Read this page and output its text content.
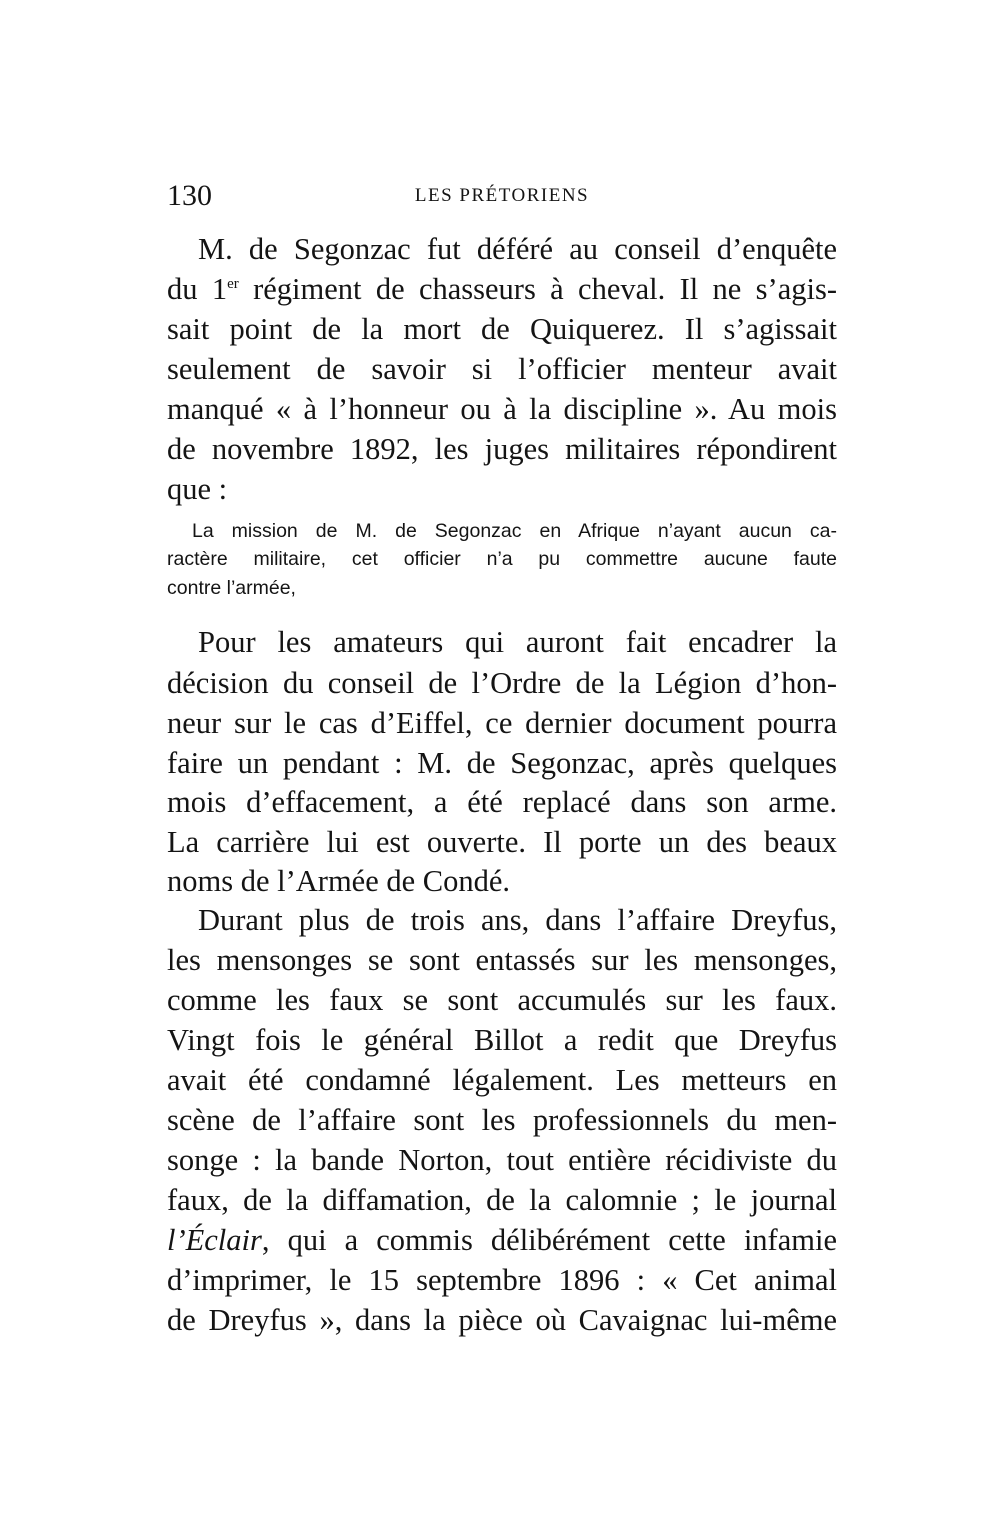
130	LES PRÉTORIENS
M. de Segonzac fut déféré au conseil d’enquête
du 1er régiment de chasseurs à cheval. Il ne s’agis-
sait point de la mort de Quiquerez. Il s’agissait
seulement de savoir si l’officier menteur avait
manqué « à l’honneur ou à la discipline ». Au mois
de novembre 1892, les juges militaires répondirent
que :
La mission de M. de Segonzac en Afrique n’ayant aucun ca-
ractère militaire, cet officier n’a pu commettre aucune faute
contre l’armée,
Pour les amateurs qui auront fait encadrer la
décision du conseil de l’Ordre de la Légion d’hon-
neur sur le cas d’Eiffel, ce dernier document pourra
faire un pendant : M. de Segonzac, après quelques
mois d’effacement, a été replacé dans son arme.
La carrière lui est ouverte. Il porte un des beaux
noms de l’Armée de Condé.
Durant plus de trois ans, dans l’affaire Dreyfus,
les mensonges se sont entassés sur les mensonges,
comme les faux se sont accumulés sur les faux.
Vingt fois le général Billot a redit que Dreyfus
avait été condamné légalement. Les metteurs en
scène de l’affaire sont les professionnels du men-
songe : la bande Norton, tout entière récidiviste du
faux, de la diffamation, de la calomnie ; le journal
l’Éclair, qui a commis délibérément cette infamie
d’imprimer, le 15 septembre 1896 : « Cet animal
de Dreyfus », dans la pièce où Cavaignac lui-même
